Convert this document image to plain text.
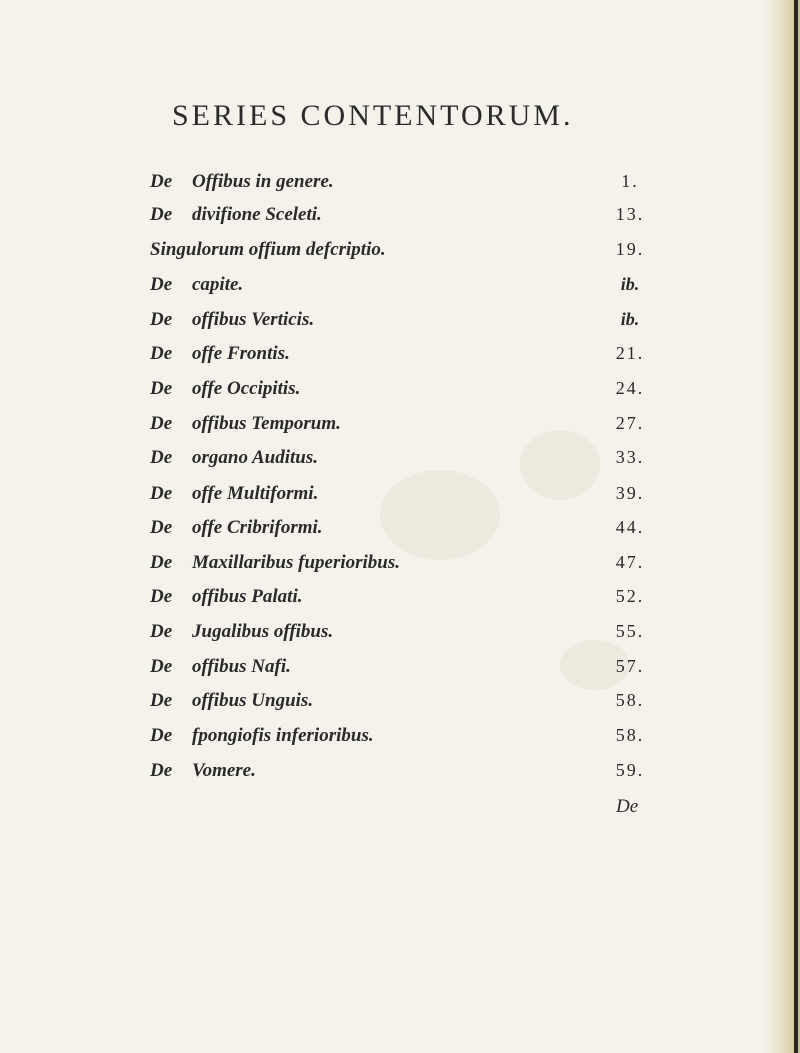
SERIES CONTENTORUM.
De Offibus in genere.	1.
De divifione Sceleti.	13.
Singulorum offium defcriptio.	19.
De capite.	ib.
De offibus Verticis.	ib.
De offe Frontis.	21.
De offe Occipitis.	24.
De offibus Temporum.	27.
De organo Auditus.	33.
De offe Multiformi.	39.
De offe Cribriformi.	44.
De Maxillaribus fuperioribus.	47.
De offibus Palati.	52.
De Jugalibus offibus.	55.
De offibus Nafi.	57.
De offibus Unguis.	58.
De fpongiofis inferioribus.	58.
De Vomere.	59.
De
